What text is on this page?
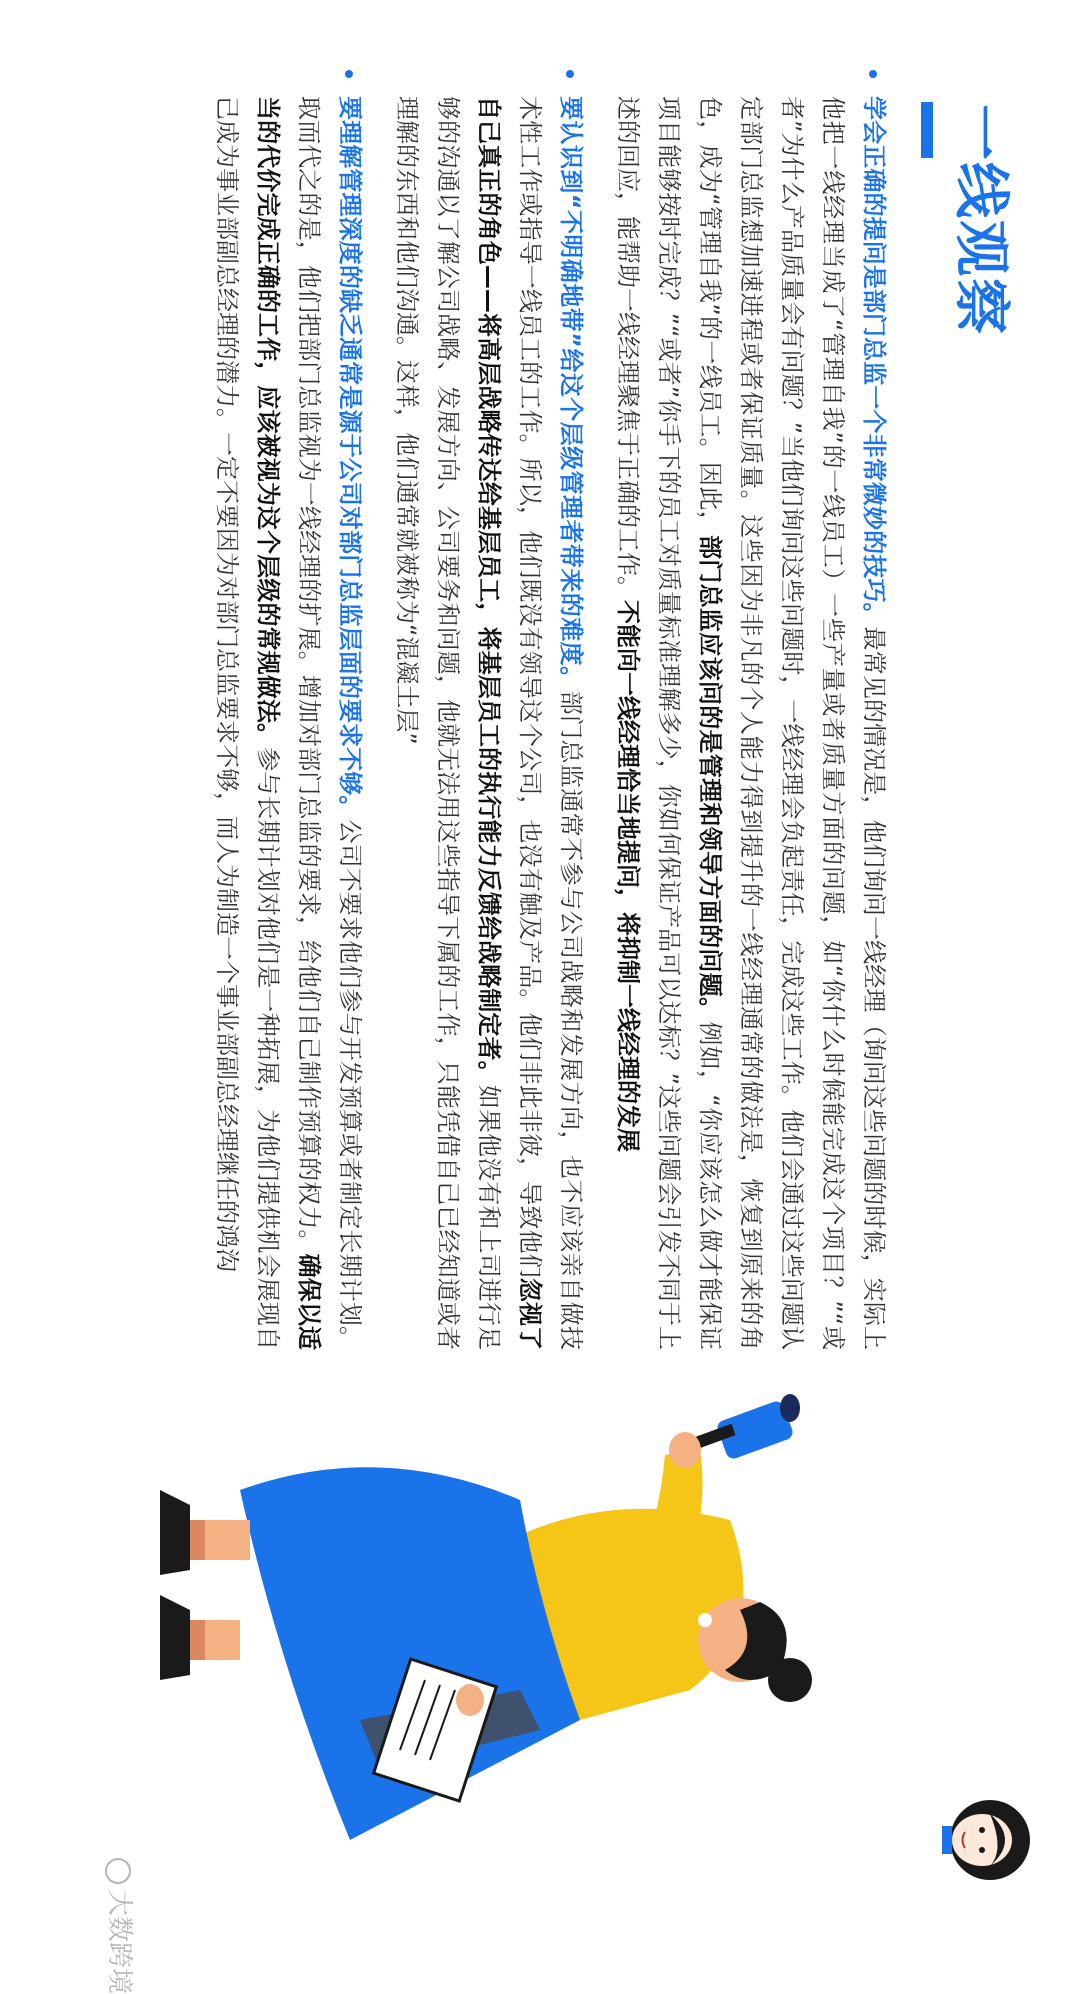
一线观察
学会正确的提问是部门总监一个非常微妙的技巧。最常见的情况是，他们询问一线经理（询问这些问题的时候，实际上他把一线经理当成了“管理自我”的一线员工）一些产量或者质量方面的问题，如“你什么时候能完成这个项目？”“或者”为什么产品质量会有问题？”当他们询问这些问题时，一线经理会负起责任，完成这些工作。他们会通过这些问题认定部门总监想加速进程或者保证质量。这些因为非凡的个人能力得到提升的一线经理通常的做法是，恢复到原来的角色，成为“管理自我”的一线员工。因此，部门总监应该问的是管理和领导方面的问题。例如，“你应该怎么做才能保证项目能够按时完成？”“或者”你手下的员工对质量标准理解多少，你如何保证产品可以达标？”这些问题会引发不同于上述的回应，能帮助一线经理聚焦于正确的工作。不能向一线经理恰当地提问，将抑制一线经理的发展
要认识到“不明确地带”给这个层级管理者带来的难度。部门总监通常不参与公司战略和发展方向，也不应该亲自做技术性工作或指导一线员工的工作。所以，他们既没有领导这个公司，也没有触及产品。他们非此非彼，导致他们忽视了自己真正的角色——将高层战略传达给基层员工，将基层员工的执行能力反馈给战略制定者。如果他没有和上司进行足够的沟通以了解公司战略、发展方向、公司要务和问题，他就无法用这些指导下属的工作，只能凭借自己已经知道或者理解的东西和他们沟通。这样，他们通常就被称为“混凝土层”
要理解管理深度的缺乏通常是源于公司对部门总监层面的要求不够。公司不要求他们参与开发预算或者制定长期计划。取而代之的是，他们把部门总监视为一线经理的扩展。增加对部门总监的要求，给他们自己制作预算的权力。确保以适当的代价完成正确的工作，应该被视为这个层级的常规做法。参与长期计划对他们是一种拓展，为他们提供机会展现自己成为事业部副总经理的潜力。一定不要因为对部门总监要求不够，而人为制造一个事业部副总经理继任的鸿沟
大数跨境
